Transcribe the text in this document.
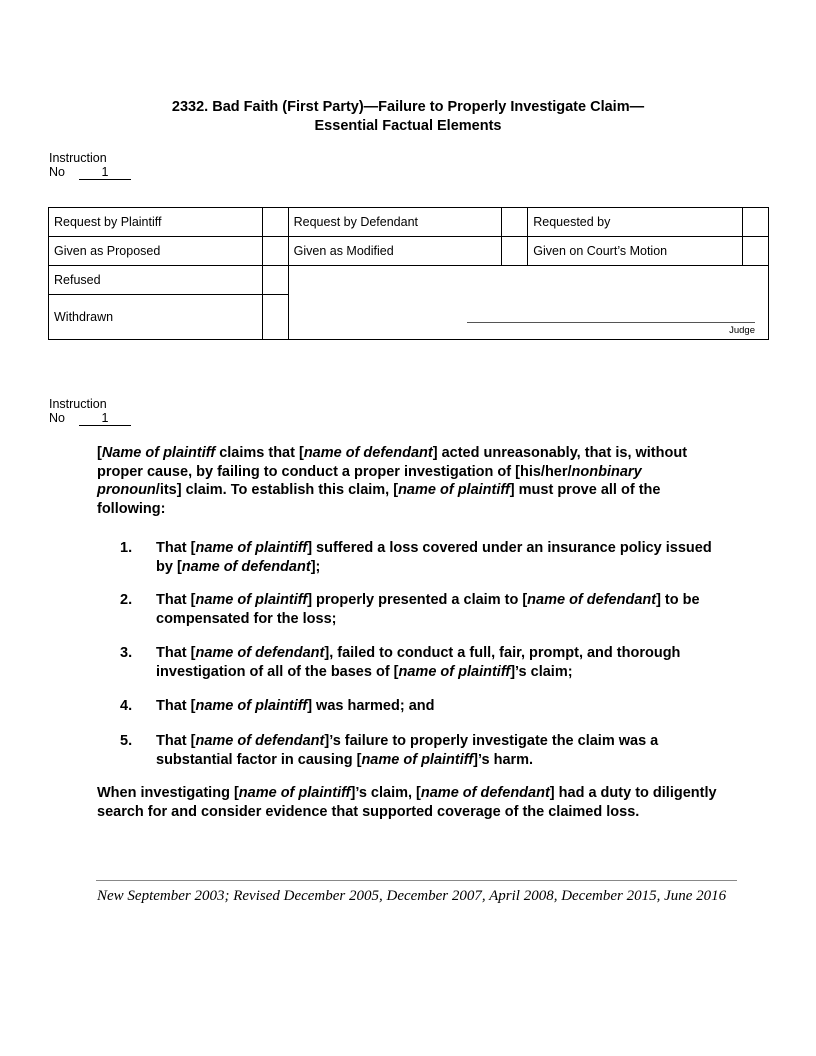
2332. Bad Faith (First Party)—Failure to Properly Investigate Claim—
Essential Factual Elements
Instruction
No	1
Request by Plaintiff		Request by Defendant		Requested by	
Given as Proposed		Given as Modified		Given on Court’s Motion	
Refused		Judge			

Withdrawn					
Instruction
No	1
[Name of plaintiff claims that [name of defendant] acted unreasonably, that is, without proper cause, by failing to conduct a proper investigation of [his/her/nonbinary pronoun/its] claim. To establish this claim, [name of plaintiff] must prove all of the following:
1.	That [name of plaintiff] suffered a loss covered under an insurance policy issued by [name of defendant];
2.	That [name of plaintiff] properly presented a claim to [name of defendant] to be compensated for the loss;
3.	That [name of defendant], failed to conduct a full, fair, prompt, and thorough investigation of all of the bases of [name of plaintiff]’s claim;
4.	That [name of plaintiff] was harmed; and
5.	That [name of defendant]’s failure to properly investigate the claim was a substantial factor in causing [name of plaintiff]’s harm.
When investigating [name of plaintiff]’s claim, [name of defendant] had a duty to diligently search for and consider evidence that supported coverage of the claimed loss.
New September 2003; Revised December 2005, December 2007, April 2008, December 2015, June 2016
